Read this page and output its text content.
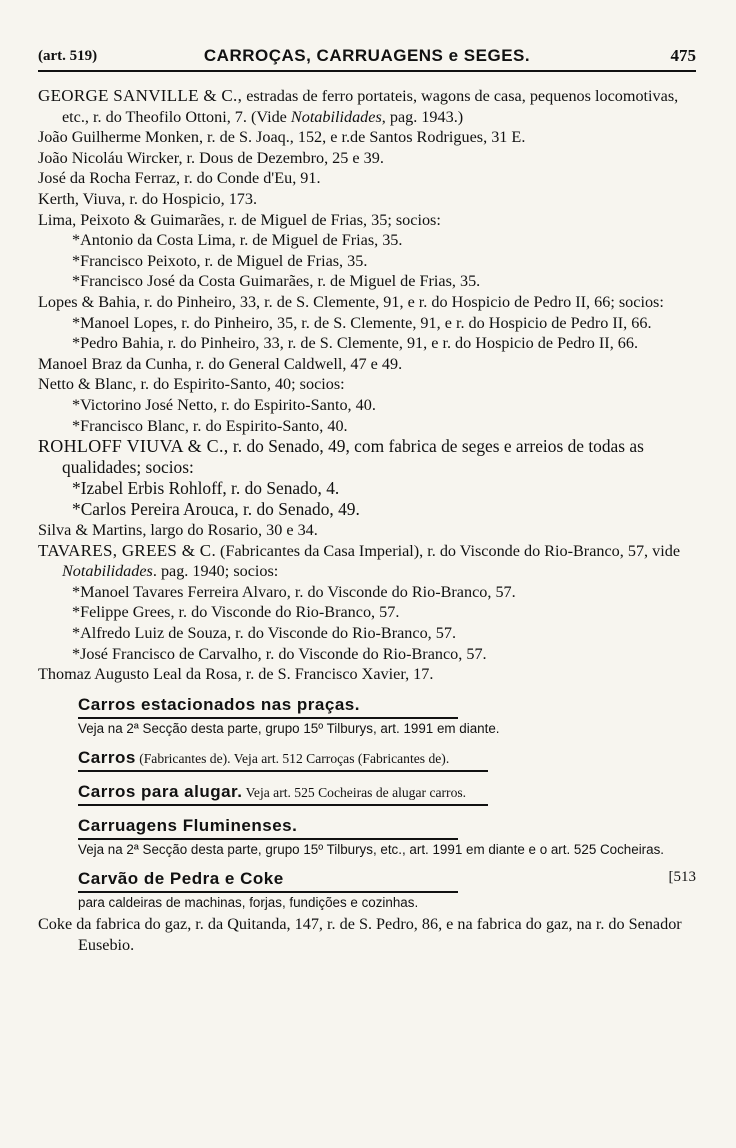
(art. 519)	CARROÇAS, CARRUAGENS e SEGES.	475

GEORGE SANVILLE & C., estradas de ferro portateis, wagons de casa, pequenos locomotivas, etc., r. do Theofilo Ottoni, 7. (Vide Notabilidades, pag. 1943.)

João Guilherme Monken, r. de S. Joaq., 152, e r.de Santos Rodrigues, 31 E.

João Nicoláu Wircker, r. Dous de Dezembro, 25 e 39.

José da Rocha Ferraz, r. do Conde d'Eu, 91.

Kerth, Viuva, r. do Hospicio, 173.

Lima, Peixoto & Guimarães, r. de Miguel de Frias, 35; socios:

*Antonio da Costa Lima, r. de Miguel de Frias, 35.

*Francisco Peixoto, r. de Miguel de Frias, 35.

*Francisco José da Costa Guimarães, r. de Miguel de Frias, 35.

Lopes & Bahia, r. do Pinheiro, 33, r. de S. Clemente, 91, e r. do Hospicio de Pedro II, 66; socios:

*Manoel Lopes, r. do Pinheiro, 35, r. de S. Clemente, 91, e r. do Hospicio de Pedro II, 66.

*Pedro Bahia, r. do Pinheiro, 33, r. de S. Clemente, 91, e r. do Hospicio de Pedro II, 66.

Manoel Braz da Cunha, r. do General Caldwell, 47 e 49.

Netto & Blanc, r. do Espirito-Santo, 40; socios:

*Victorino José Netto, r. do Espirito-Santo, 40.

*Francisco Blanc, r. do Espirito-Santo, 40.

ROHLOFF VIUVA & C., r. do Senado, 49, com fabrica de seges e arreios de todas as qualidades; socios:

*Izabel Erbis Rohloff, r. do Senado, 4.

*Carlos Pereira Arouca, r. do Senado, 49.

Silva & Martins, largo do Rosario, 30 e 34.

TAVARES, GREES & C. (Fabricantes da Casa Imperial), r. do Visconde do Rio-Branco, 57, vide Notabilidades. pag. 1940; socios:

*Manoel Tavares Ferreira Alvaro, r. do Visconde do Rio-Branco, 57.

*Felippe Grees, r. do Visconde do Rio-Branco, 57.

*Alfredo Luiz de Souza, r. do Visconde do Rio-Branco, 57.

*José Francisco de Carvalho, r. do Visconde do Rio-Branco, 57.

Thomaz Augusto Leal da Rosa, r. de S. Francisco Xavier, 17.

Carros estacionados nas praças.
Veja na 2ª Secção desta parte, grupo 15º Tilburys, art. 1991 em diante.
Carros (Fabricantes de). Veja art. 512 Carroças (Fabricantes de).
Carros para alugar. Veja art. 525 Cocheiras de alugar carros.
Carruagens Fluminenses.
Veja na 2ª Secção desta parte, grupo 15º Tilburys, etc., art. 1991 em diante e o art. 525 Cocheiras.
Carvão de Pedra e Coke	[513
para caldeiras de machinas, forjas, fundições e cozinhas.

Coke da fabrica do gaz, r. da Quitanda, 147, r. de S. Pedro, 86, e na fabrica do gaz, na r. do Senador Eusebio.
